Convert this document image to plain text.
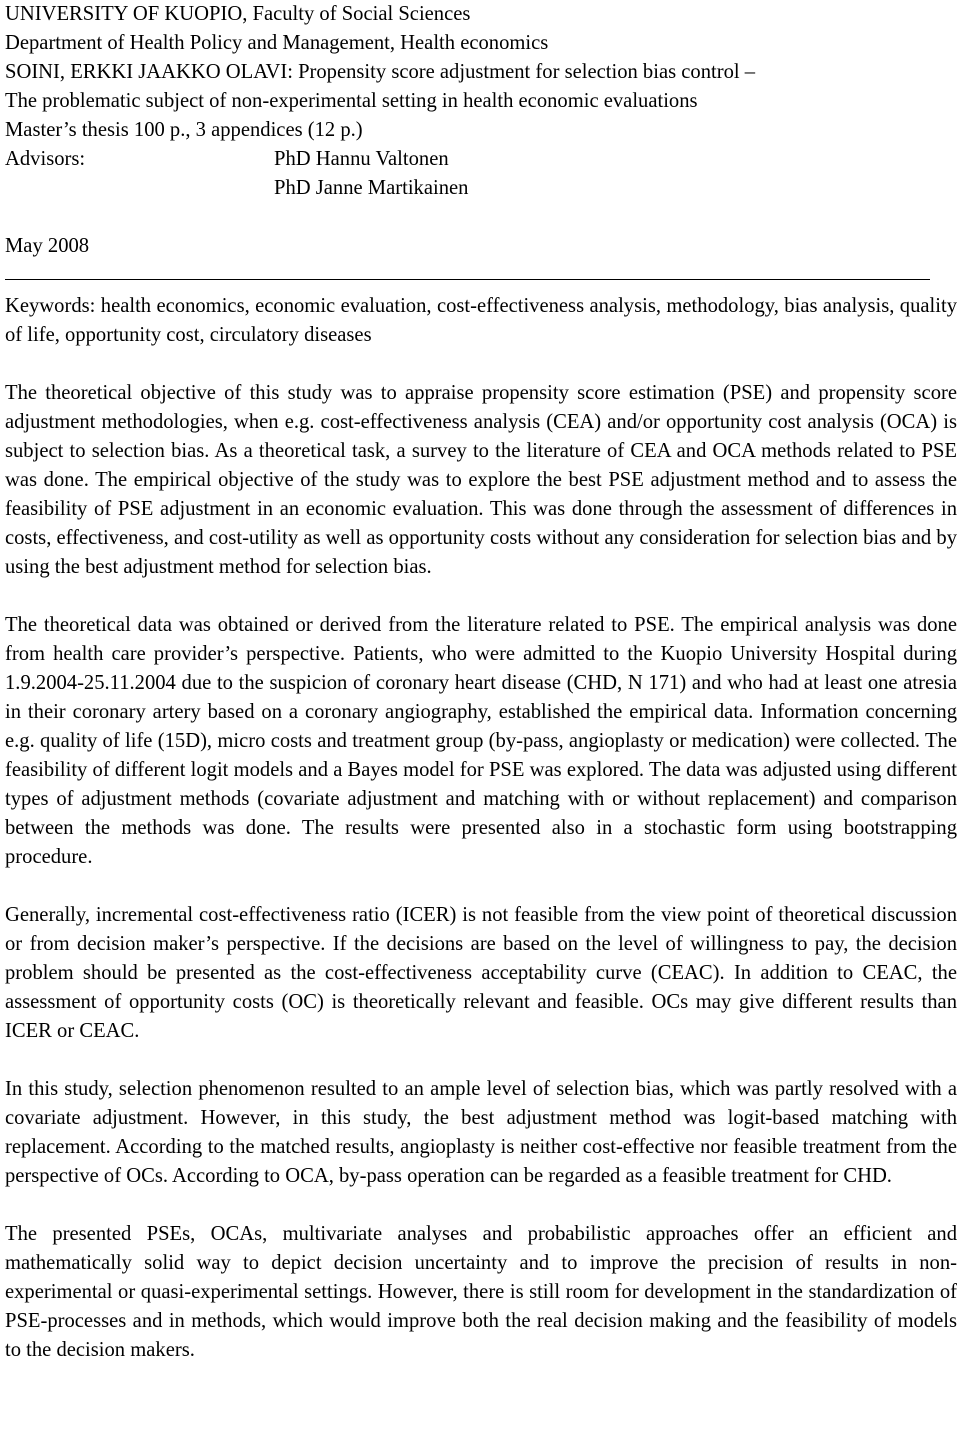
UNIVERSITY OF KUOPIO, Faculty of Social Sciences
Department of Health Policy and Management, Health economics
SOINI, ERKKI JAAKKO OLAVI: Propensity score adjustment for selection bias control –
The problematic subject of non-experimental setting in health economic evaluations
Master’s thesis 100 p., 3 appendices (12 p.)
Advisors:	PhD Hannu Valtonen
PhD Janne Martikainen
May 2008

Keywords: health economics, economic evaluation, cost-effectiveness analysis, methodology, bias analysis, quality of life, opportunity cost, circulatory diseases

The theoretical objective of this study was to appraise propensity score estimation (PSE) and propensity score adjustment methodologies, when e.g. cost-effectiveness analysis (CEA) and/or opportunity cost analysis (OCA) is subject to selection bias. As a theoretical task, a survey to the literature of CEA and OCA methods related to PSE was done. The empirical objective of the study was to explore the best PSE adjustment method and to assess the feasibility of PSE adjustment in an economic evaluation. This was done through the assessment of differences in costs, effectiveness, and cost-utility as well as opportunity costs without any consideration for selection bias and by using the best adjustment method for selection bias.

The theoretical data was obtained or derived from the literature related to PSE. The empirical analysis was done from health care provider’s perspective. Patients, who were admitted to the Kuopio University Hospital during 1.9.2004-25.11.2004 due to the suspicion of coronary heart disease (CHD, N 171) and who had at least one atresia in their coronary artery based on a coronary angiography, established the empirical data. Information concerning e.g. quality of life (15D), micro costs and treatment group (by-pass, angioplasty or medication) were collected. The feasibility of different logit models and a Bayes model for PSE was explored. The data was adjusted using different types of adjustment methods (covariate adjustment and matching with or without replacement) and comparison between the methods was done. The results were presented also in a stochastic form using bootstrapping procedure.

Generally, incremental cost-effectiveness ratio (ICER) is not feasible from the view point of theoretical discussion or from decision maker’s perspective. If the decisions are based on the level of willingness to pay, the decision problem should be presented as the cost-effectiveness acceptability curve (CEAC). In addition to CEAC, the assessment of opportunity costs (OC) is theoretically relevant and feasible. OCs may give different results than ICER or CEAC.

In this study, selection phenomenon resulted to an ample level of selection bias, which was partly resolved with a covariate adjustment. However, in this study, the best adjustment method was logit-based matching with replacement. According to the matched results, angioplasty is neither cost-effective nor feasible treatment from the perspective of OCs. According to OCA, by-pass operation can be regarded as a feasible treatment for CHD.

The presented PSEs, OCAs, multivariate analyses and probabilistic approaches offer an efficient and mathematically solid way to depict decision uncertainty and to improve the precision of results in non-experimental or quasi-experimental settings. However, there is still room for development in the standardization of PSE-processes and in methods, which would improve both the real decision making and the feasibility of models to the decision makers.
